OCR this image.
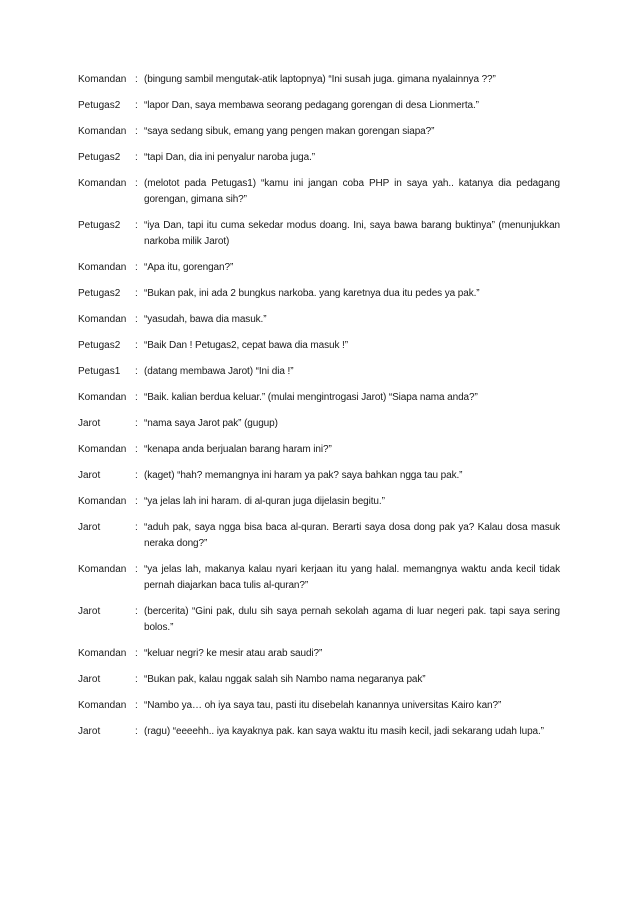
Komandan : (bingung sambil mengutak-atik laptopnya) “Ini susah juga. gimana nyalainnya ??”
Petugas2	: “lapor Dan, saya membawa seorang pedagang gorengan di desa Lionmerta.”
Komandan : “saya sedang sibuk, emang yang pengen makan gorengan siapa?”
Petugas2	: “tapi Dan, dia ini penyalur naroba juga.”
Komandan : (melotot pada Petugas1) “kamu ini jangan coba PHP in saya yah.. katanya dia pedagang gorengan, gimana sih?”
Petugas2	: “iya Dan, tapi itu cuma sekedar modus doang. Ini, saya bawa barang buktinya” (menunjukkan narkoba milik Jarot)
Komandan : “Apa itu, gorengan?”
Petugas2	: “Bukan pak, ini ada 2 bungkus narkoba. yang karetnya dua itu pedes ya pak.”
Komandan : “yasudah, bawa dia masuk.”
Petugas2	: “Baik Dan ! Petugas2, cepat bawa dia masuk !”
Petugas1	: (datang membawa Jarot) “Ini dia !”
Komandan : “Baik. kalian berdua keluar.” (mulai mengintrogasi Jarot) “Siapa nama anda?”
Jarot	: “nama saya Jarot pak” (gugup)
Komandan : “kenapa anda berjualan barang haram ini?”
Jarot	: (kaget) “hah? memangnya ini haram ya pak? saya bahkan ngga tau pak.”
Komandan : “ya jelas lah ini haram. di al-quran juga dijelasin begitu.”
Jarot	: “aduh pak, saya ngga bisa baca al-quran. Berarti saya dosa dong pak ya? Kalau dosa masuk neraka dong?”
Komandan : “ya jelas lah, makanya kalau nyari kerjaan itu yang halal. memangnya waktu anda kecil tidak pernah diajarkan baca tulis al-quran?”
Jarot	: (bercerita) “Gini pak, dulu sih saya pernah sekolah agama di luar negeri pak. tapi saya sering bolos.”
Komandan : “keluar negri? ke mesir atau arab saudi?”
Jarot	: “Bukan pak, kalau nggak salah sih Nambo nama negaranya pak”
Komandan : “Nambo ya… oh iya saya tau, pasti itu disebelah kanannya universitas Kairo kan?”
Jarot	: (ragu) “eeeehh.. iya kayaknya pak. kan saya waktu itu masih kecil, jadi sekarang udah lupa.”
